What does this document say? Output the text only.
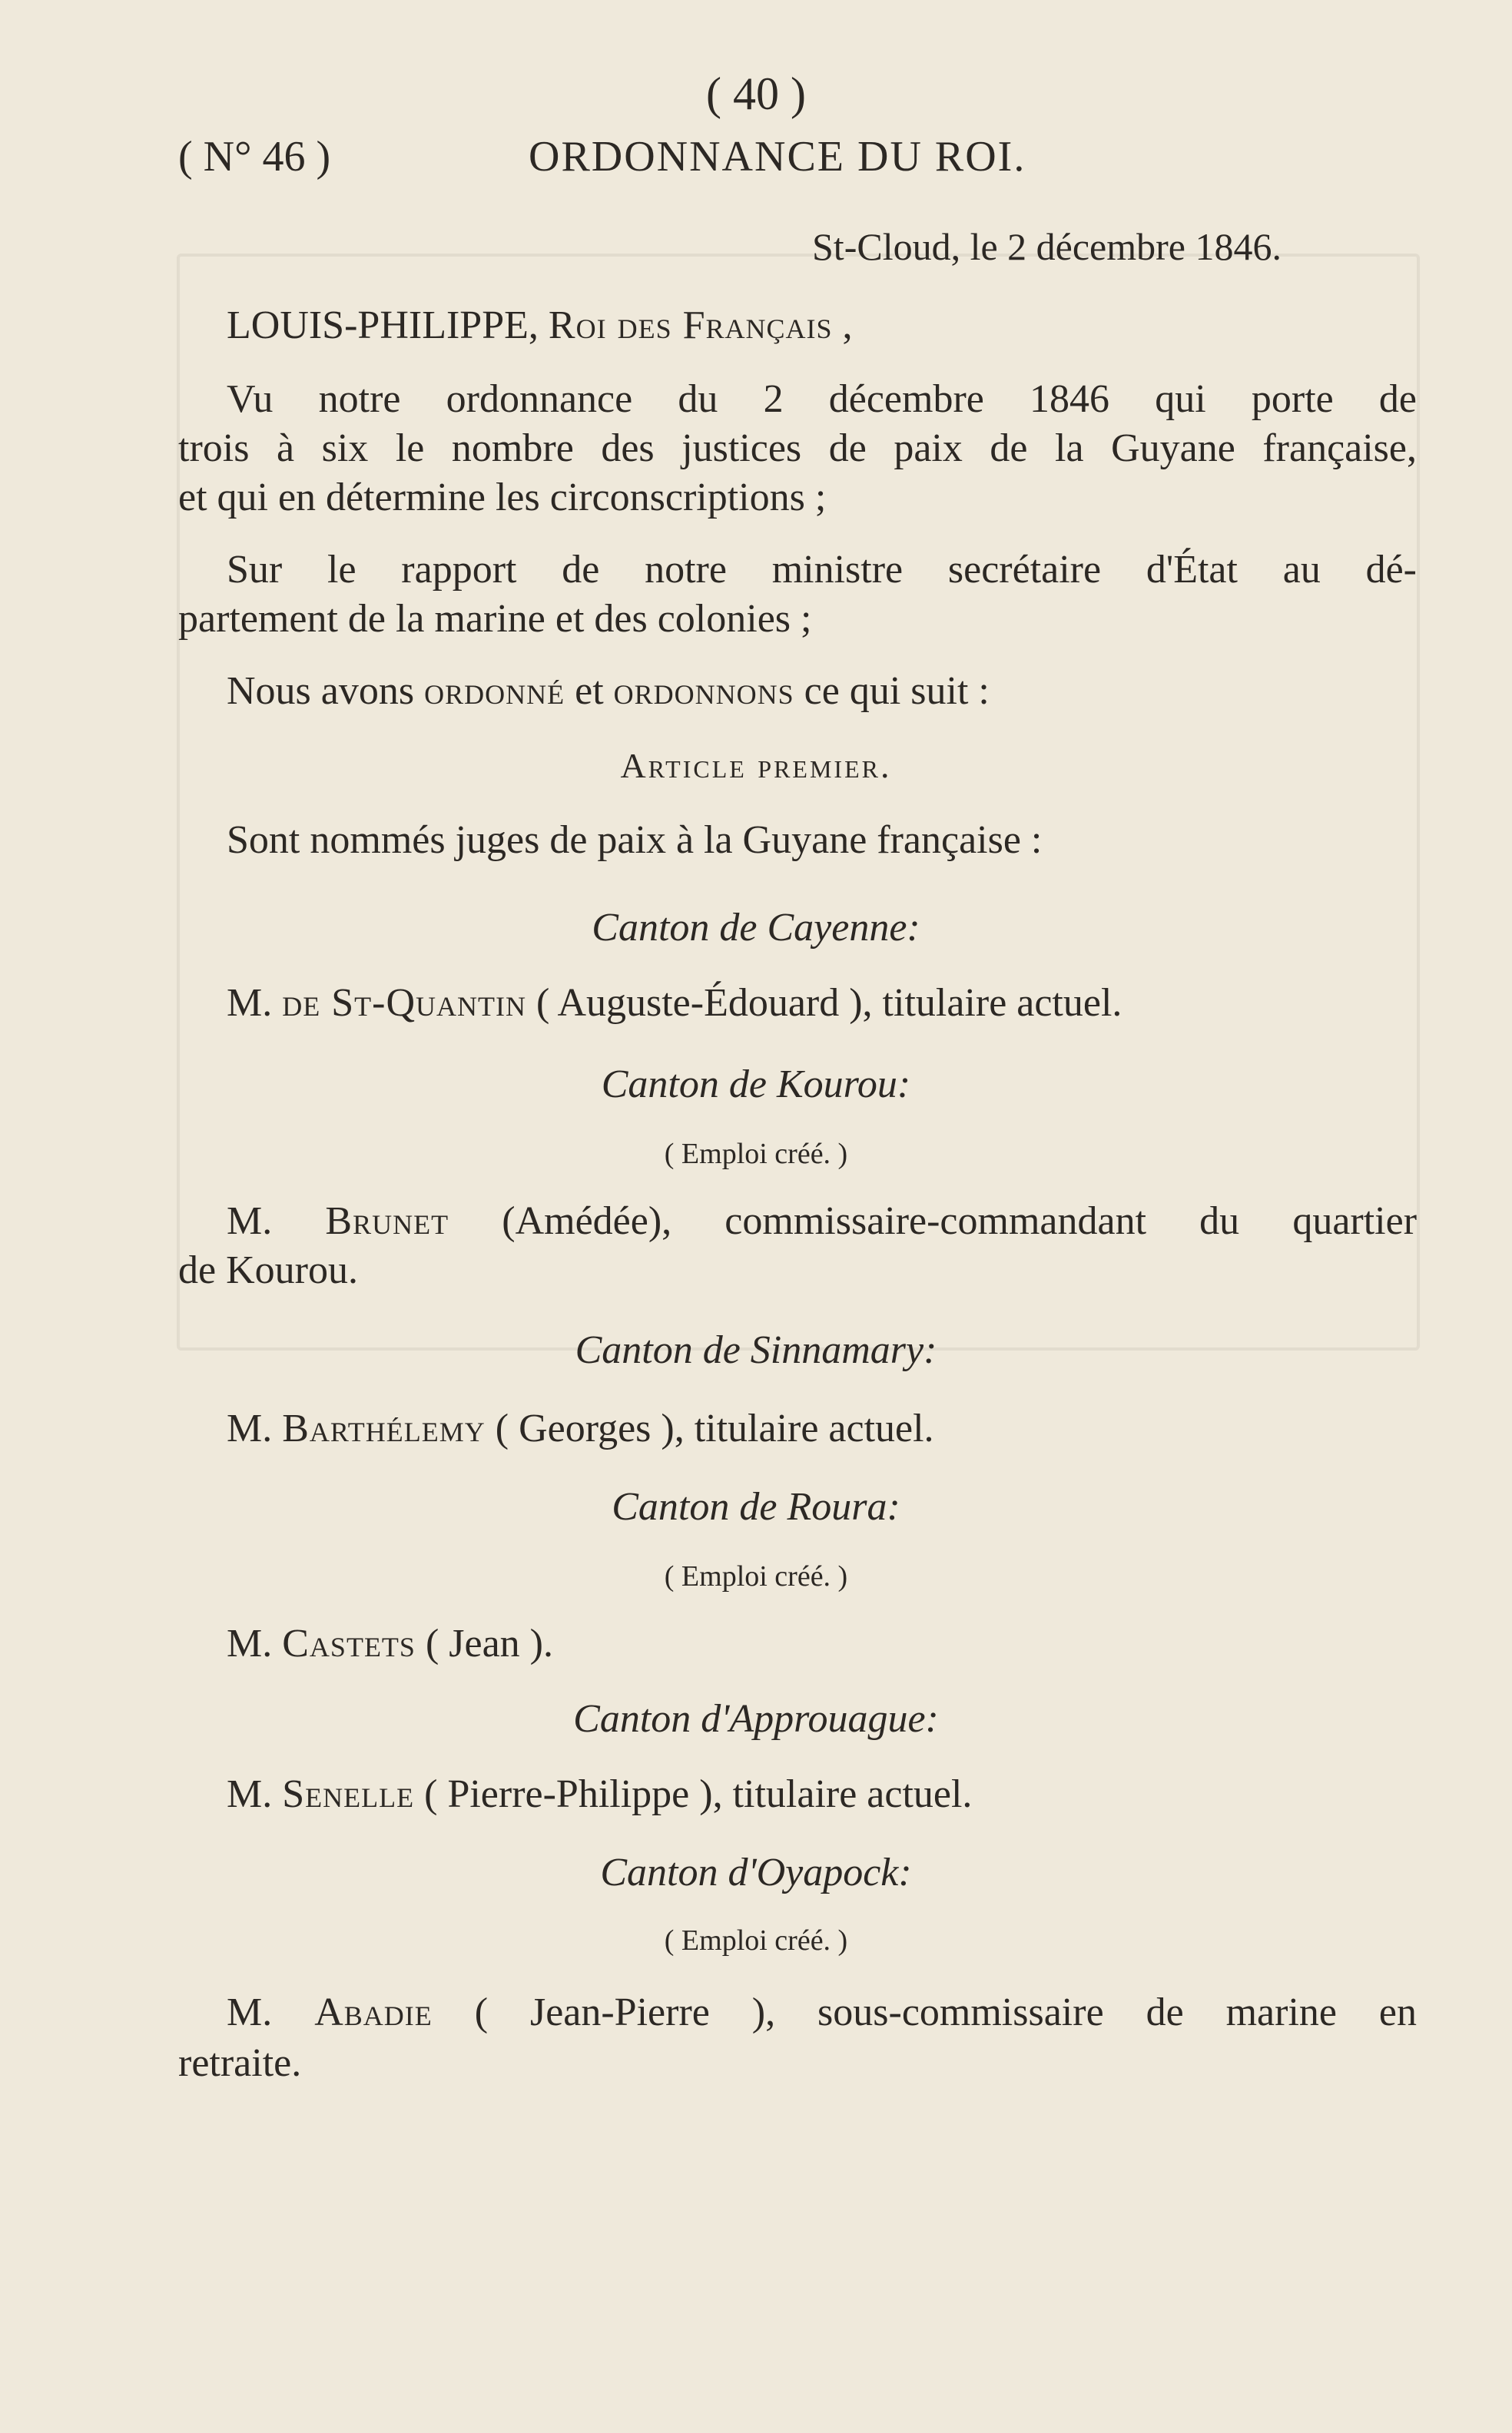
( 40 )
( N° 46 )	ORDONNANCE DU ROI.
St-Cloud, le 2 décembre 1846.
LOUIS-PHILIPPE, Roi des Français ,
Vu notre ordonnance du 2 décembre 1846 qui porte de
trois à six le nombre des justices de paix de la Guyane française,
et qui en détermine les circonscriptions ;
Sur le rapport de notre ministre secrétaire d'État au dé-
partement de la marine et des colonies ;
Nous avons ordonné et ordonnons ce qui suit :
Article premier.
Sont nommés juges de paix à la Guyane française :
Canton de Cayenne:
M. de St-Quantin ( Auguste-Édouard ), titulaire actuel.
Canton de Kourou:
( Emploi créé. )
M. Brunet (Amédée), commissaire-commandant du quartier
de Kourou.
Canton de Sinnamary:
M. Barthélemy ( Georges ), titulaire actuel.
Canton de Roura:
( Emploi créé. )
M. Castets ( Jean ).
Canton d'Approuague:
M. Senelle ( Pierre-Philippe ), titulaire actuel.
Canton d'Oyapock:
( Emploi créé. )
M. Abadie ( Jean-Pierre ), sous-commissaire de marine en
retraite.
